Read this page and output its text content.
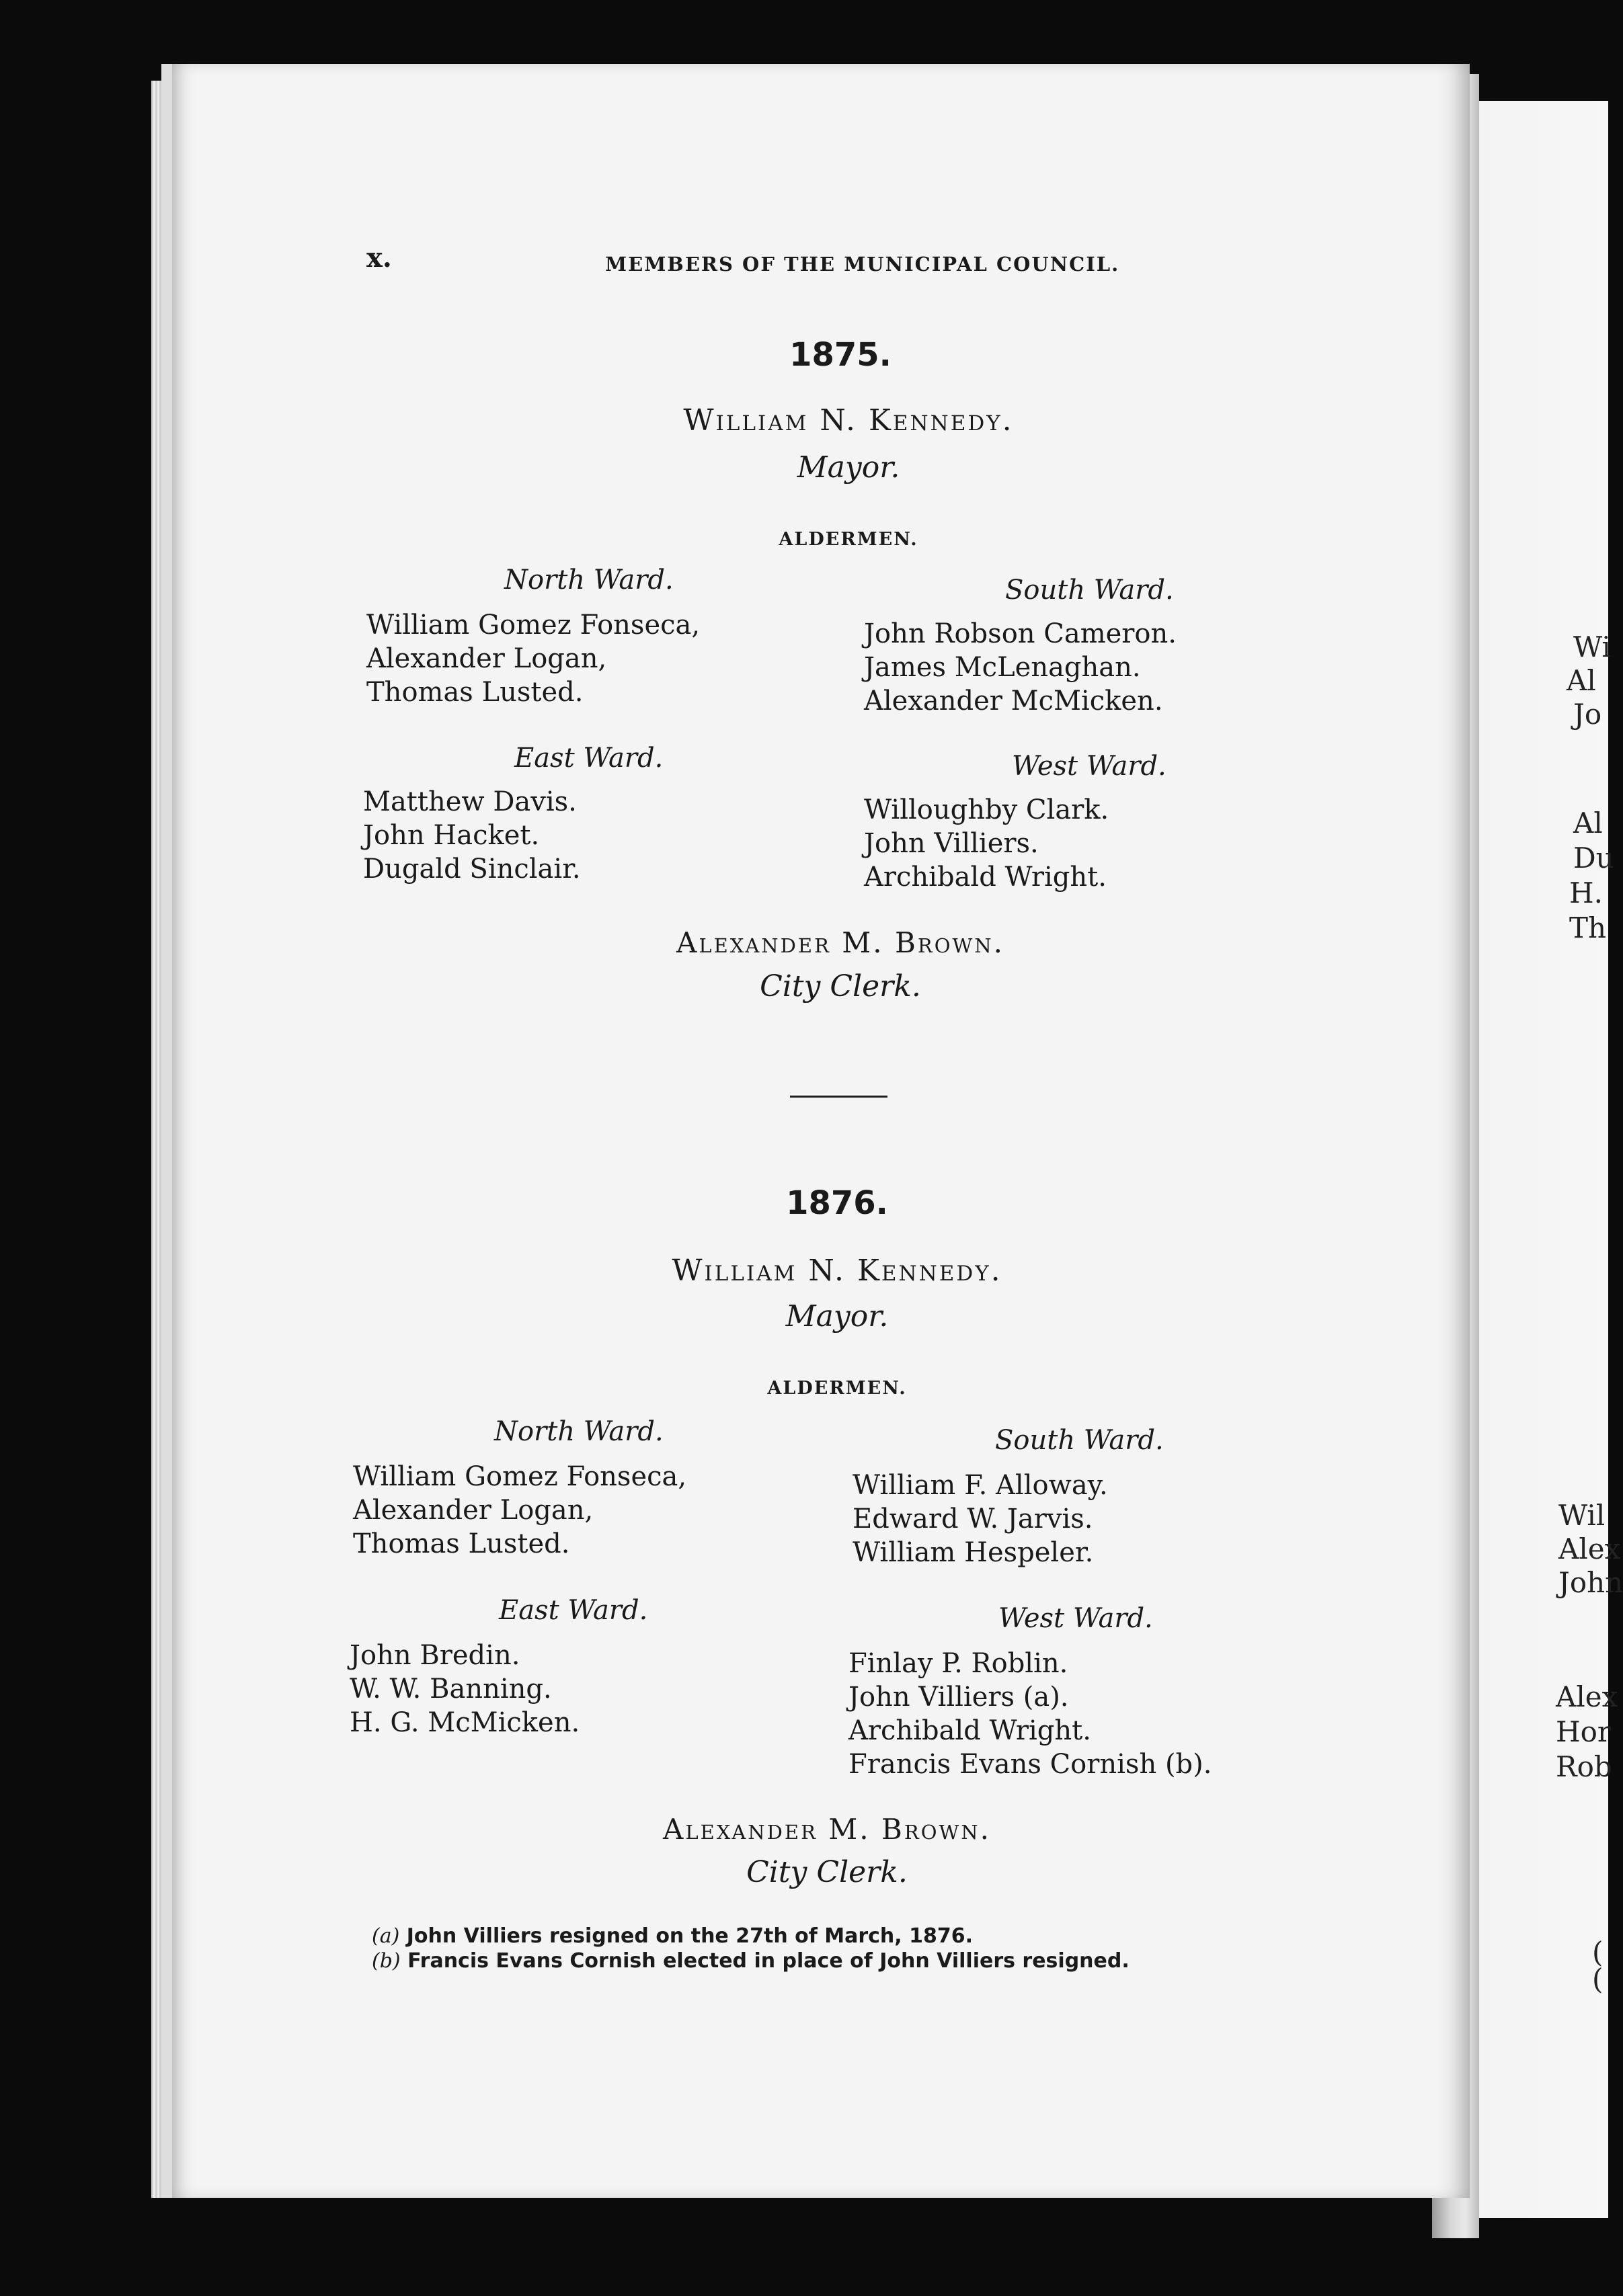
x.	MEMBERS OF THE MUNICIPAL COUNCIL.
1875.
William N. Kennedy.
Mayor.
ALDERMEN.
North Ward.
William Gomez Fonseca,
Alexander Logan,
Thomas Lusted.
South Ward.
John Robson Cameron.
James McLenaghan.
Alexander McMicken.
East Ward.
Matthew Davis.
John Hacket.
Dugald Sinclair.
West Ward.
Willoughby Clark.
John Villiers.
Archibald Wright.
Alexander M. Brown.
City Clerk.
1876.
William N. Kennedy.
Mayor.
ALDERMEN.
North Ward.
William Gomez Fonseca,
Alexander Logan,
Thomas Lusted.
South Ward.
William F. Alloway.
Edward W. Jarvis.
William Hespeler.
East Ward.
John Bredin.
W. W. Banning.
H. G. McMicken.
West Ward.
Finlay P. Roblin.
John Villiers (a).
Archibald Wright.
Francis Evans Cornish (b).
Alexander M. Brown.
City Clerk.
(a) John Villiers resigned on the 27th of March, 1876.
(b) Francis Evans Cornish elected in place of John Villiers resigned.
Wi
Al
Jo
Al
Du
H.
Th
Wil
Alex
John
Alex
Hor
Rob
(
(
